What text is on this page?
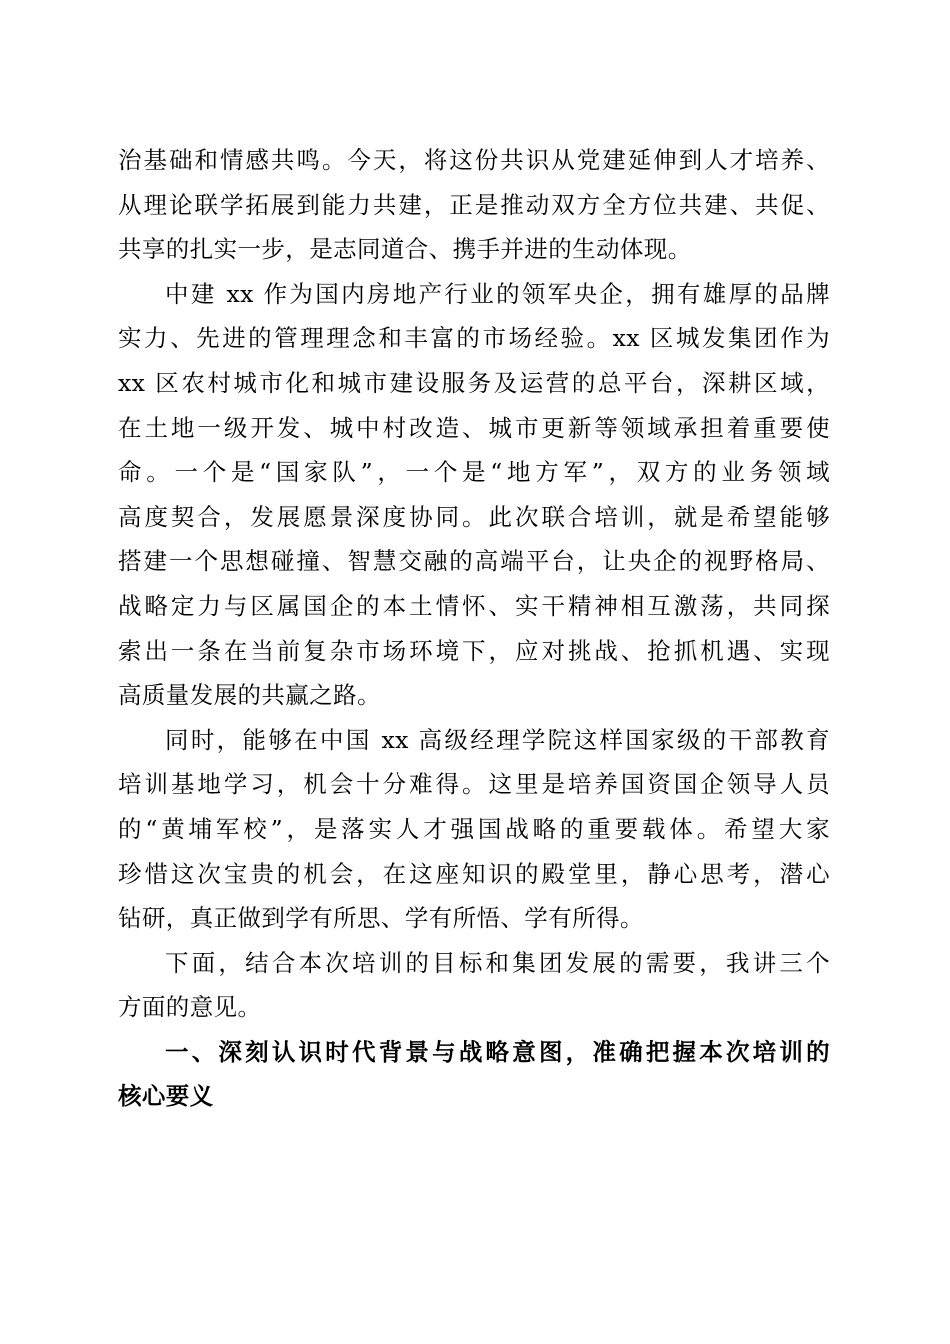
治基础和情感共鸣。今天，将这份共识从党建延伸到人才培养、
从理论联学拓展到能力共建，正是推动双方全方位共建、共促、
共享的扎实一步，是志同道合、携手并进的生动体现。
中建 xx 作为国内房地产行业的领军央企，拥有雄厚的品牌
实力、先进的管理理念和丰富的市场经验。xx 区城发集团作为
xx 区农村城市化和城市建设服务及运营的总平台，深耕区域，
在土地一级开发、城中村改造、城市更新等领域承担着重要使
命。一个是“国家队”，一个是“地方军”，双方的业务领域
高度契合，发展愿景深度协同。此次联合培训，就是希望能够
搭建一个思想碰撞、智慧交融的高端平台，让央企的视野格局、
战略定力与区属国企的本土情怀、实干精神相互激荡，共同探
索出一条在当前复杂市场环境下，应对挑战、抢抓机遇、实现
高质量发展的共赢之路。
同时，能够在中国 xx 高级经理学院这样国家级的干部教育
培训基地学习，机会十分难得。这里是培养国资国企领导人员
的“黄埔军校”，是落实人才强国战略的重要载体。希望大家
珍惜这次宝贵的机会，在这座知识的殿堂里，静心思考，潜心
钻研，真正做到学有所思、学有所悟、学有所得。
下面，结合本次培训的目标和集团发展的需要，我讲三个
方面的意见。
一、深刻认识时代背景与战略意图，准确把握本次培训的
核心要义
